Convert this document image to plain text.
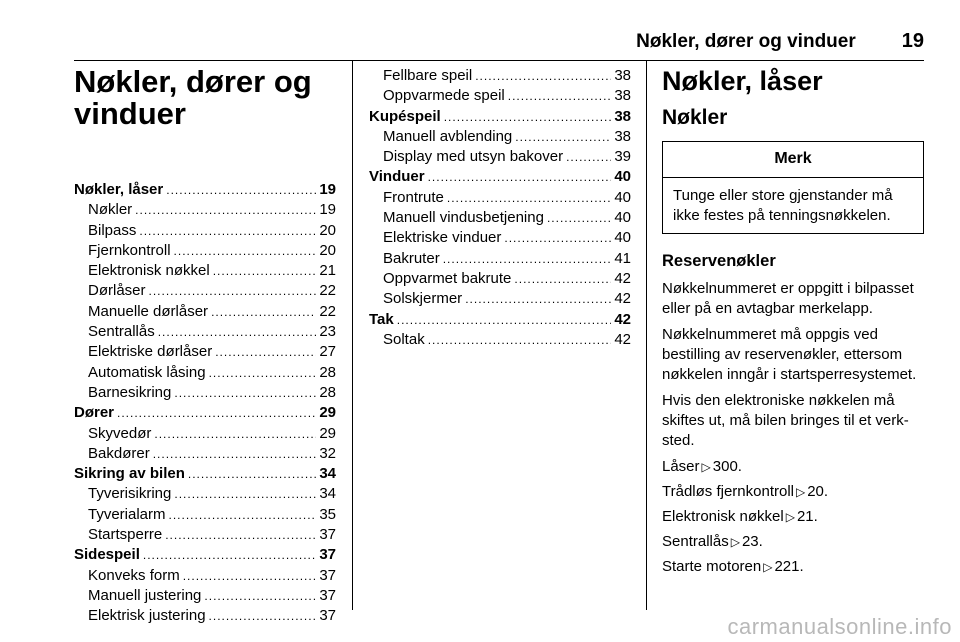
Nøkler, dører og vinduer 19
Nøkler, dører og
vinduer
Nøkler, låser .....	19
Nøkler .....	19
Bilpass .....	20
Fjernkontroll .....	20
Elektronisk nøkkel .....	21
Dørlåser .....	22
Manuelle dørlåser .....	22
Sentrallås .....	23
Elektriske dørlåser .....	27
Automatisk låsing .....	28
Barnesikring .....	28
Dører .....	29
Skyvedør .....	29
Bakdører .....	32
Sikring av bilen .....	34
Tyverisikring .....	34
Tyverialarm .....	35
Startsperre .....	37
Sidespeil .....	37
Konveks form .....	37
Manuell justering .....	37
Elektrisk justering .....	37
Fellbare speil .....	38
Oppvarmede speil .....	38
Kupéspeil .....	38
Manuell avblending .....	38
Display med utsyn bakover .....	39
Vinduer .....	40
Frontrute .....	40
Manuell vindusbetjening .....	40
Elektriske vinduer .....	40
Bakruter .....	41
Oppvarmet bakrute .....	42
Solskjermer .....	42
Tak .....	42
Soltak .....	42
Nøkler, låser
Nøkler
Merk
Tunge eller store gjenstander må ikke festes på tenningsnøkkelen.
Reservenøkler

Nøkkelnummeret er oppgitt i bilpasset eller på en avtagbar merkelapp.

Nøkkelnummeret må oppgis ved bestilling av reservenøkler, ettersom nøkkelen inngår i startsperresystemet.

Hvis den elektroniske nøkkelen må skiftes ut, må bilen bringes til et verksted.

Låser ▷ 300.
Trådløs fjernkontroll ▷ 20.
Elektronisk nøkkel ▷ 21.
Sentrallås ▷ 23.
Starte motoren ▷ 221.
carmanualsonline.info
